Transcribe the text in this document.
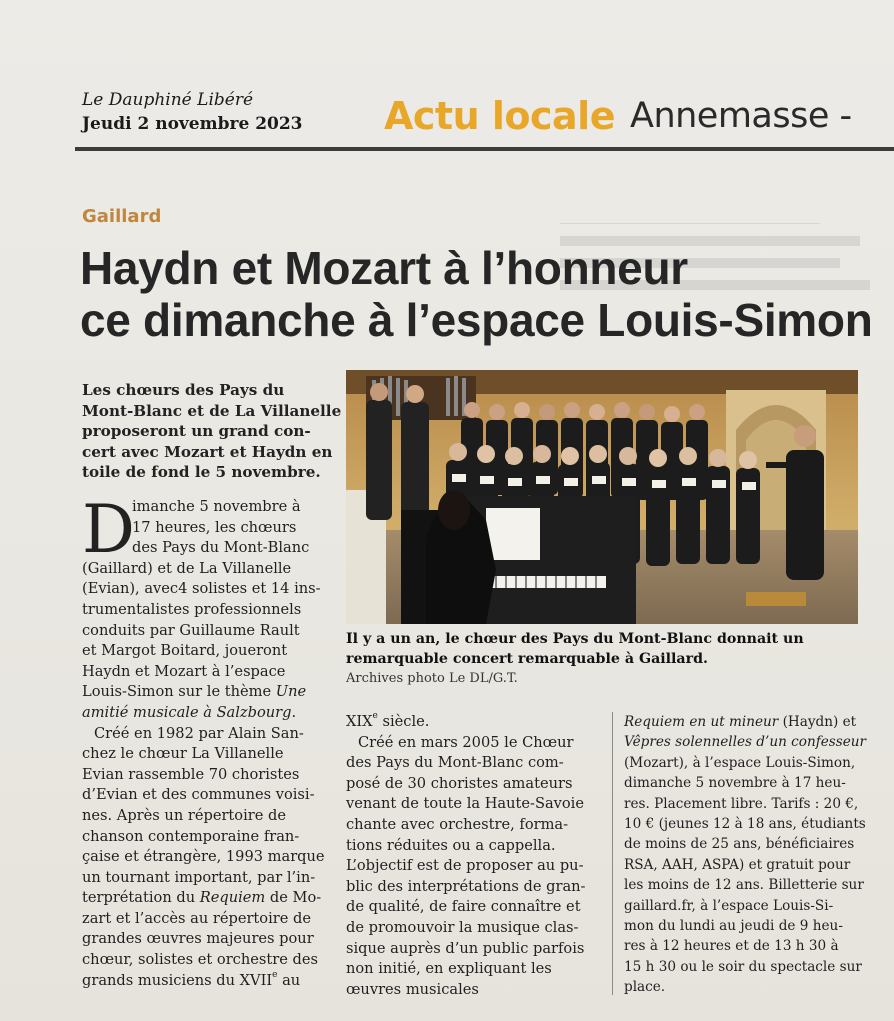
Le Dauphiné Libéré
Jeudi 2 novembre 2023 Actu locale Annemasse -
Gaillard
Haydn et Mozart à l’honneur
ce dimanche à l’espace Louis-Simon

Les chœurs des Pays du
Mont-Blanc et de La Villanelle
proposeront un grand con-
cert avec Mozart et Haydn en
toile de fond le 5 novembre.

Il y a un an, le chœur des Pays du Mont-Blanc donnait un
remarquable concert remarquable à Gaillard.

Archives photo Le DL/G.T.
D

imanche 5 novembre à
17 heures, les chœurs
des Pays du Mont-Blanc
(Gaillard) et de La Villanelle
(Evian), avec4 solistes et 14 ins-
trumentalistes professionnels
conduits par Guillaume Rault
et Margot Boitard, joueront
Haydn et Mozart à l’espace
Louis-Simon sur le thème Une
amitié musicale à Salzbourg.
Créé en 1982 par Alain San-
chez le chœur La Villanelle
Evian rassemble 70 choristes
d’Evian et des communes voisi-
nes. Après un répertoire de
chanson contemporaine fran-
çaise et étrangère, 1993 marque
un tournant important, par l’in-
terprétation du Requiem de Mo-
zart et l’accès au répertoire de
grandes œuvres majeures pour
chœur, solistes et orchestre des
grands musiciens du XVIIe au

XIXe siècle.
Créé en mars 2005 le Chœur
des Pays du Mont-Blanc com-
posé de 30 choristes amateurs
venant de toute la Haute-Savoie
chante avec orchestre, forma-
tions réduites ou a cappella.
L’objectif est de proposer au pu-
blic des interprétations de gran-
de qualité, de faire connaître et
de promouvoir la musique clas-
sique auprès d’un public parfois
non initié, en expliquant les
œuvres musicales

Requiem en ut mineur (Haydn) et
Vêpres solennelles d’un confesseur
(Mozart), à l’espace Louis-Simon,
dimanche 5 novembre à 17 heu-
res. Placement libre. Tarifs : 20 €,
10 € (jeunes 12 à 18 ans, étudiants
de moins de 25 ans, bénéficiaires
RSA, AAH, ASPA) et gratuit pour
les moins de 12 ans. Billetterie sur
gaillard.fr, à l’espace Louis-Si-
mon du lundi au jeudi de 9 heu-
res à 12 heures et de 13 h 30 à
15 h 30 ou le soir du spectacle sur
place.
